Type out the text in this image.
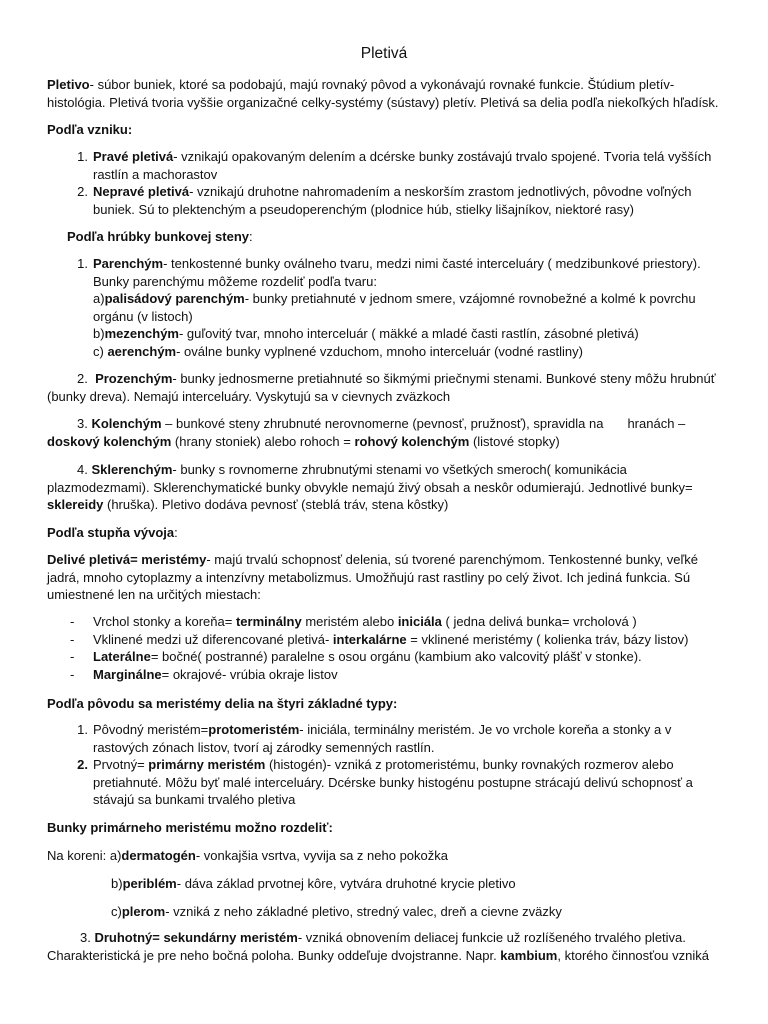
Pletivá

Pletivo- súbor buniek, ktoré sa podobajú, majú rovnaký pôvod a vykonávajú rovnaké funkcie. Štúdium pletív- histológia. Pletivá tvoria vyššie organizačné celky-systémy (sústavy) pletív. Pletivá sa delia podľa niekoľkých hľadísk.

Podľa vzniku:

1. Pravé pletivá- vznikajú opakovaným delením a dcérske bunky zostávajú trvalo spojené. Tvoria telá vyšších rastlín a machorastov
2. Nepravé pletivá- vznikajú druhotne nahromadením a neskorším zrastom jednotlivých, pôvodne voľných buniek. Sú to plektenchým a pseudoperenchým (plodnice húb, stielky lišajníkov, niektoré rasy)

Podľa hrúbky bunkovej steny:

1. Parenchým- tenkostenné bunky oválneho tvaru, medzi nimi časté interceluáry ( medzibunkové priestory). Bunky parenchýmu môžeme rozdeliť podľa tvaru:
a)palisádový parenchým- bunky pretiahnuté v jednom smere, vzájomné rovnobežné a kolmé k povrchu orgánu (v listoch)
b)mezenchým- guľovitý tvar, mnoho interceluár ( mäkké a mladé časti rastlín, zásobné pletivá)
c) aerenchým- oválne bunky vyplnené vzduchom, mnoho interceluár (vodné rastliny)

2. Prozenchým- bunky jednosmerne pretiahnuté so šikmými priečnymi stenami. Bunkové steny môžu hrubnúť (bunky dreva). Nemajú interceluáry. Vyskytujú sa v cievnych zväzkoch

3. Kolenchým – bunkové steny zhrubnuté nerovnomerne (pevnosť, pružnosť), spravidla na hranách – doskový kolenchým (hrany stoniek) alebo rohoch = rohový kolenchým (listové stopky)

4. Sklerenchým- bunky s rovnomerne zhrubnutými stenami vo všetkých smeroch( komunikácia plazmodezmami). Sklerenchymatické bunky obvykle nemajú živý obsah a neskôr odumierajú. Jednotlivé bunky= sklereidy (hruška). Pletivo dodáva pevnosť (steblá tráv, stena kôstky)

Podľa stupňa vývoja:

Delivé pletivá= meristémy- majú trvalú schopnosť delenia, sú tvorené parenchýmom. Tenkostenné bunky, veľké jadrá, mnoho cytoplazmy a intenzívny metabolizmus. Umožňujú rast rastliny po celý život. Ich jediná funkcia. Sú umiestnené len na určitých miestach:

- Vrchol stonky a koreňa= terminálny meristém alebo iniciála ( jedna delivá bunka= vrcholová )
- Vklinené medzi už diferencované pletivá- interkalárne = vklinené meristémy ( kolienka tráv, bázy listov)
- Laterálne= bočné( postranné) paralelne s osou orgánu (kambium ako valcovitý plášť v stonke).
- Marginálne= okrajové- vrúbia okraje listov

Podľa pôvodu sa meristémy delia na štyri základné typy:

1. Pôvodný meristém=protomeristém- iniciála, terminálny meristém. Je vo vrchole koreňa a stonky a v rastových zónach listov, tvorí aj zárodky semenných rastlín.
2. Prvotný= primárny meristém (histogén)- vzniká z protomeristému, bunky rovnakých rozmerov alebo pretiahnuté. Môžu byť malé interceluáry. Dcérske bunky histogénu postupne strácajú delivú schopnosť a stávajú sa bunkami trvalého pletiva

Bunky primárneho meristému možno rozdeliť:

Na koreni: a)dermatogén- vonkajšia vsrtva, vyvija sa z neho pokožka

b)periblém- dáva základ prvotnej kôre, vytvára druhotné krycie pletivo

c)plerom- vzniká z neho základné pletivo, stredný valec, dreň a cievne zväzky

3. Druhotný= sekundárny meristém- vzniká obnovením deliacej funkcie už rozlíšeného trvalého pletiva. Charakteristická je pre neho bočná poloha. Bunky oddeľuje dvojstranne. Napr. kambium, ktorého činnosťou vzniká
